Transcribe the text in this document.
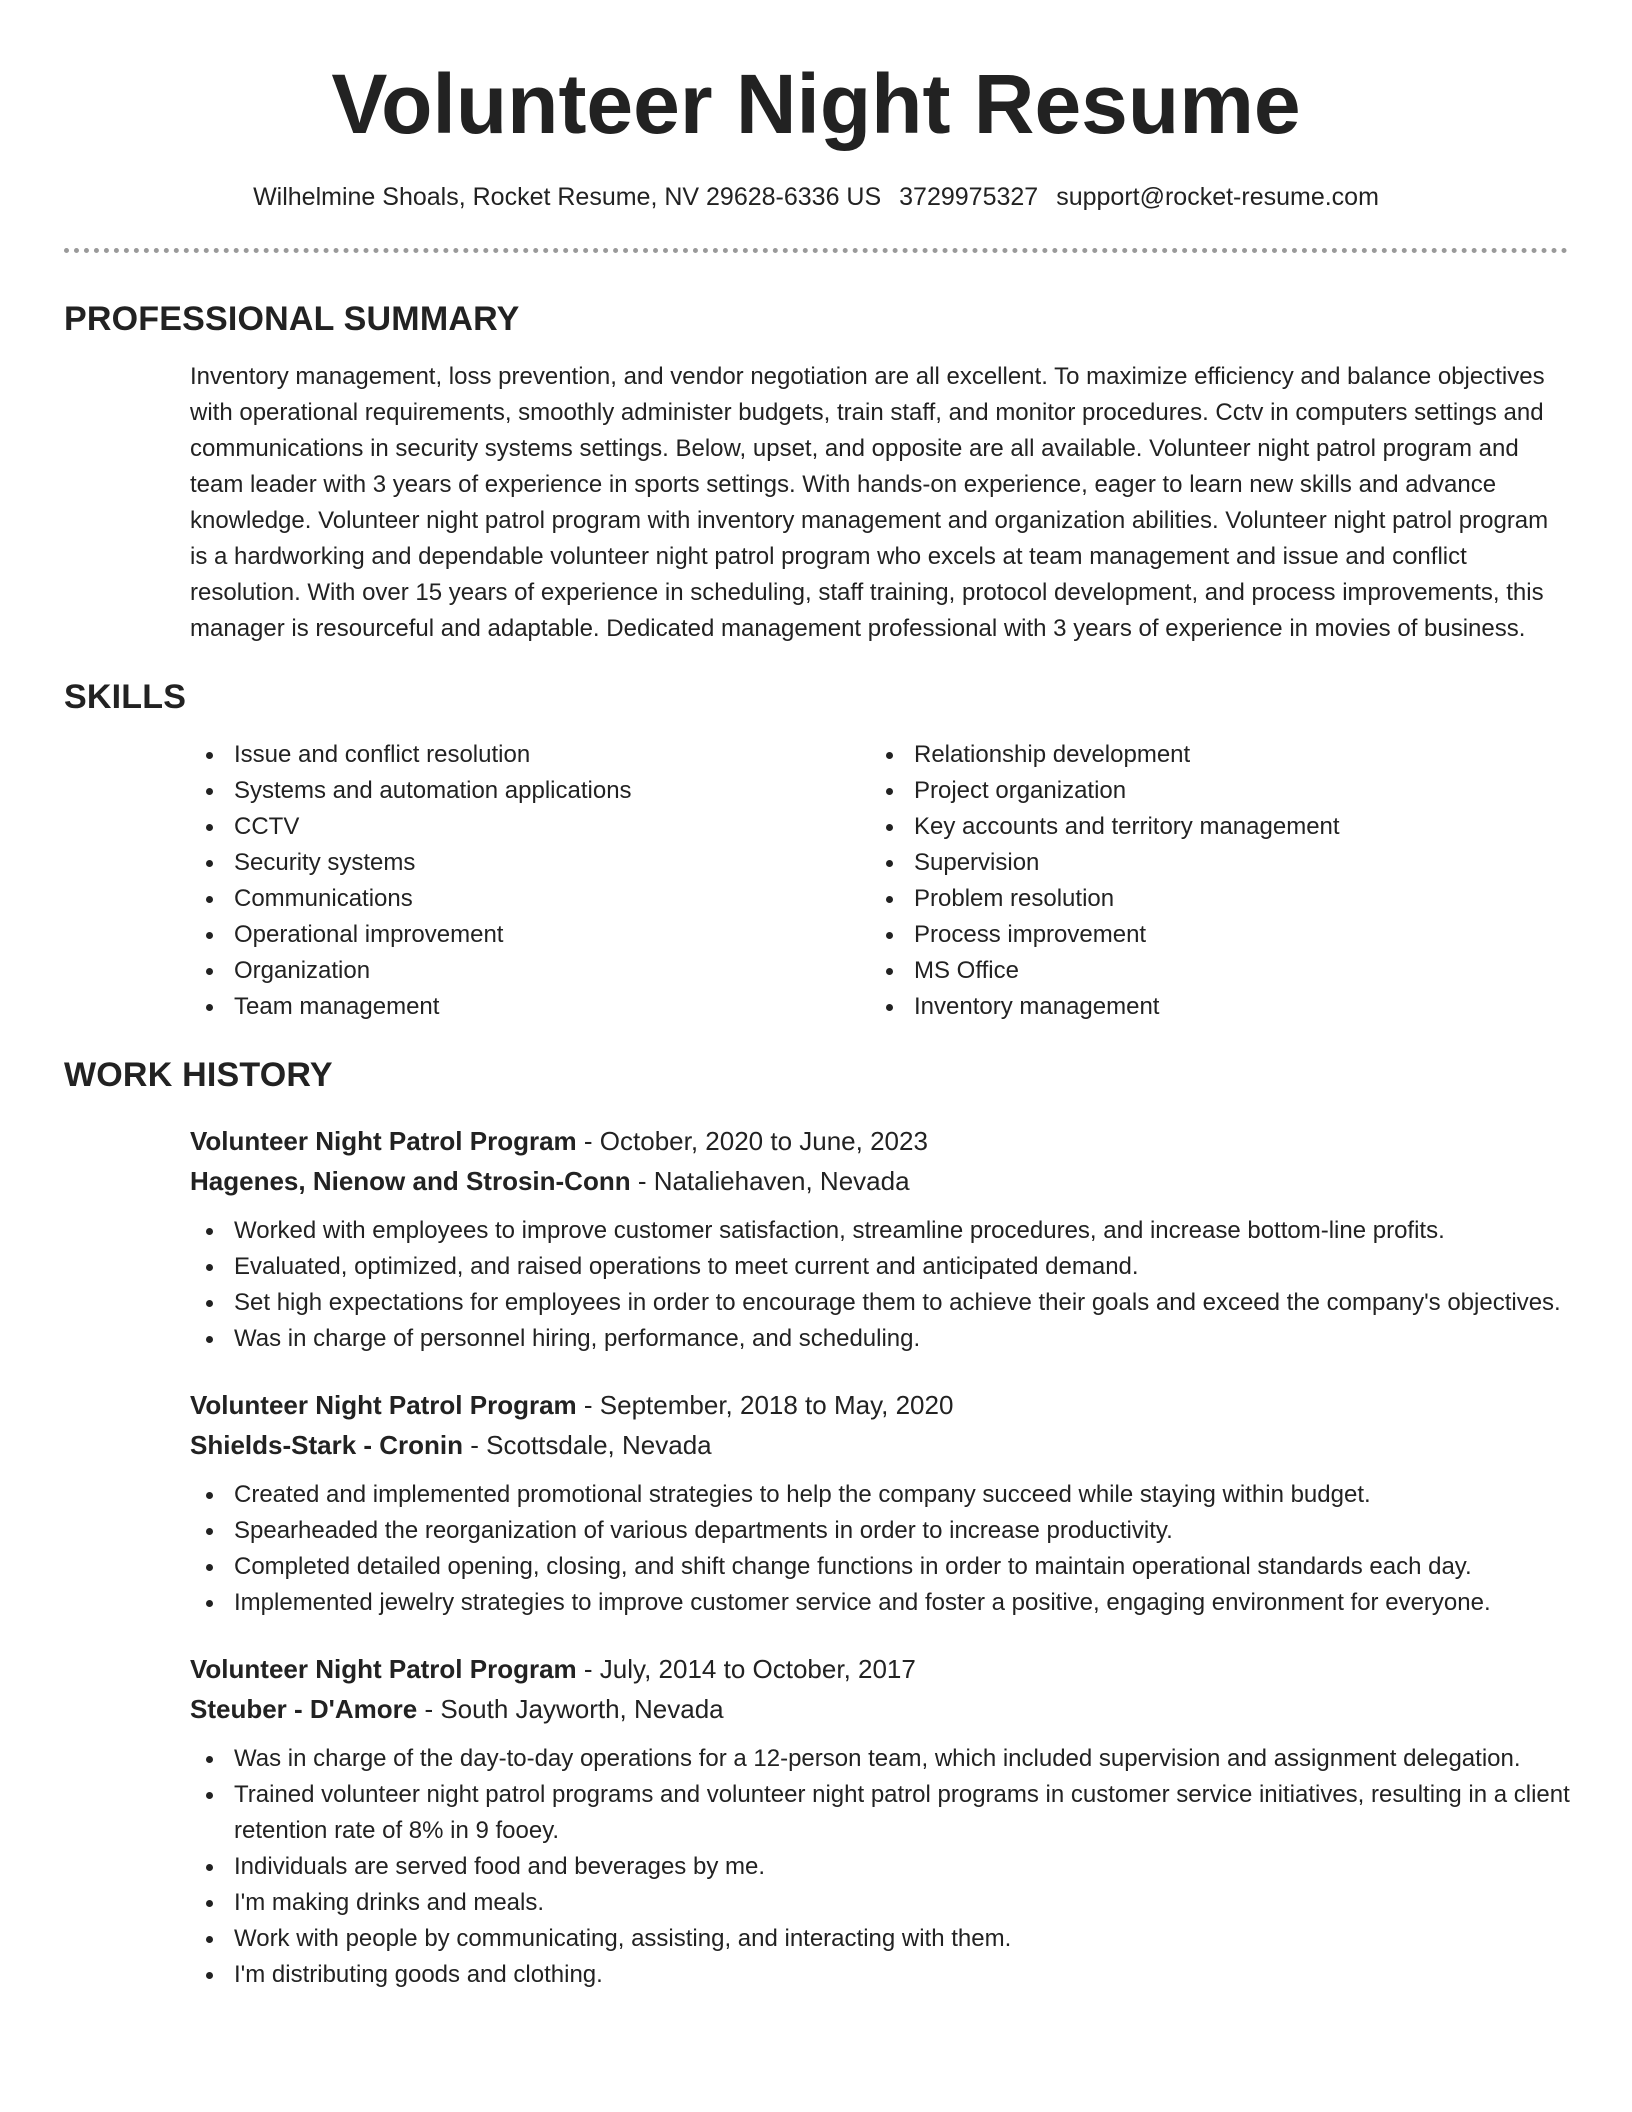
Volunteer Night Resume
Wilhelmine Shoals, Rocket Resume, NV 29628-6336 US 3729975327 support@rocket-resume.com
PROFESSIONAL SUMMARY
Inventory management, loss prevention, and vendor negotiation are all excellent. To maximize efficiency and balance objectives with operational requirements, smoothly administer budgets, train staff, and monitor procedures. Cctv in computers settings and communications in security systems settings. Below, upset, and opposite are all available. Volunteer night patrol program and team leader with 3 years of experience in sports settings. With hands-on experience, eager to learn new skills and advance knowledge. Volunteer night patrol program with inventory management and organization abilities. Volunteer night patrol program is a hardworking and dependable volunteer night patrol program who excels at team management and issue and conflict resolution. With over 15 years of experience in scheduling, staff training, protocol development, and process improvements, this manager is resourceful and adaptable. Dedicated management professional with 3 years of experience in movies of business.
SKILLS
Issue and conflict resolution
Systems and automation applications
CCTV
Security systems
Communications
Operational improvement
Organization
Team management
Relationship development
Project organization
Key accounts and territory management
Supervision
Problem resolution
Process improvement
MS Office
Inventory management
WORK HISTORY
Volunteer Night Patrol Program - October, 2020 to June, 2023
Hagenes, Nienow and Strosin-Conn - Nataliehaven, Nevada
Worked with employees to improve customer satisfaction, streamline procedures, and increase bottom-line profits.
Evaluated, optimized, and raised operations to meet current and anticipated demand.
Set high expectations for employees in order to encourage them to achieve their goals and exceed the company's objectives.
Was in charge of personnel hiring, performance, and scheduling.
Volunteer Night Patrol Program - September, 2018 to May, 2020
Shields-Stark - Cronin - Scottsdale, Nevada
Created and implemented promotional strategies to help the company succeed while staying within budget.
Spearheaded the reorganization of various departments in order to increase productivity.
Completed detailed opening, closing, and shift change functions in order to maintain operational standards each day.
Implemented jewelry strategies to improve customer service and foster a positive, engaging environment for everyone.
Volunteer Night Patrol Program - July, 2014 to October, 2017
Steuber - D'Amore - South Jayworth, Nevada
Was in charge of the day-to-day operations for a 12-person team, which included supervision and assignment delegation.
Trained volunteer night patrol programs and volunteer night patrol programs in customer service initiatives, resulting in a client retention rate of 8% in 9 fooey.
Individuals are served food and beverages by me.
I'm making drinks and meals.
Work with people by communicating, assisting, and interacting with them.
I'm distributing goods and clothing.
